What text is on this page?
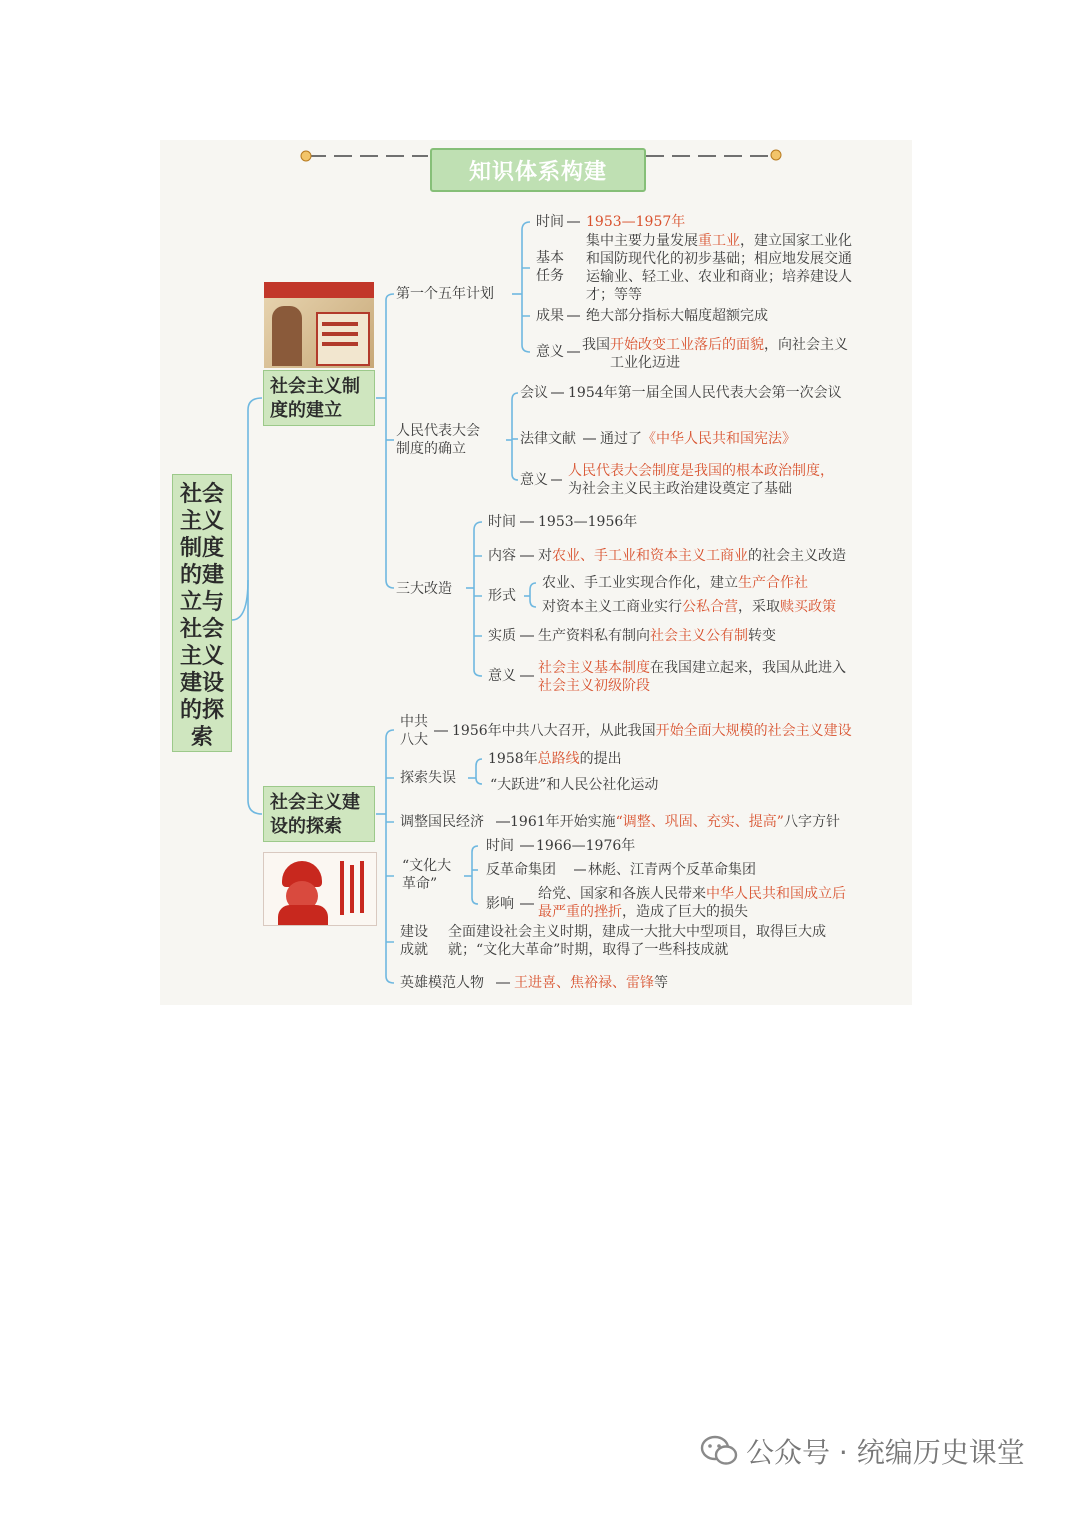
知识体系构建
社会主义制度的建立与社会主义建设的探索
社会主义制
度的建立
社会主义建
设的探索
第一个五年计划
时间 1953—1957年
基本
任务
集中主要力量发展重工业，建立国家工业化
和国防现代化的初步基础；相应地发展交通
运输业、轻工业、农业和商业；培养建设人
才；等等
成果 绝大部分指标大幅度超额完成
意义 我国开始改变工业落后的面貌，向社会主义
工业化迈进
人民代表大会
制度的确立
会议 1954年第一届全国人民代表大会第一次会议
法律文献 通过了《中华人民共和国宪法》
意义
人民代表大会制度是我国的根本政治制度，
为社会主义民主政治建设奠定了基础
三大改造
时间 1953—1956年
内容 对农业、手工业和资本主义工商业的社会主义改造
形式
农业、手工业实现合作化，建立生产合作社
对资本主义工商业实行公私合营，采取赎买政策
实质 生产资料私有制向社会主义公有制转变
意义 社会主义基本制度在我国建立起来，我国从此进入
社会主义初级阶段
中共
八大
1956年中共八大召开，从此我国开始全面大规模的社会主义建设
探索失误
1958年总路线的提出
“大跃进”和人民公社化运动
调整国民经济 1961年开始实施“调整、巩固、充实、提高”八字方针
“文化大
革命”
时间 1966—1976年
反革命集团 林彪、江青两个反革命集团
影响
给党、国家和各族人民带来中华人民共和国成立后
最严重的挫折，造成了巨大的损失
建设
成就
全面建设社会主义时期，建成一大批大中型项目，取得巨大成
就；“文化大革命”时期，取得了一些科技成就
英雄模范人物 王进喜、焦裕禄、雷锋等
公众号 · 统编历史课堂
